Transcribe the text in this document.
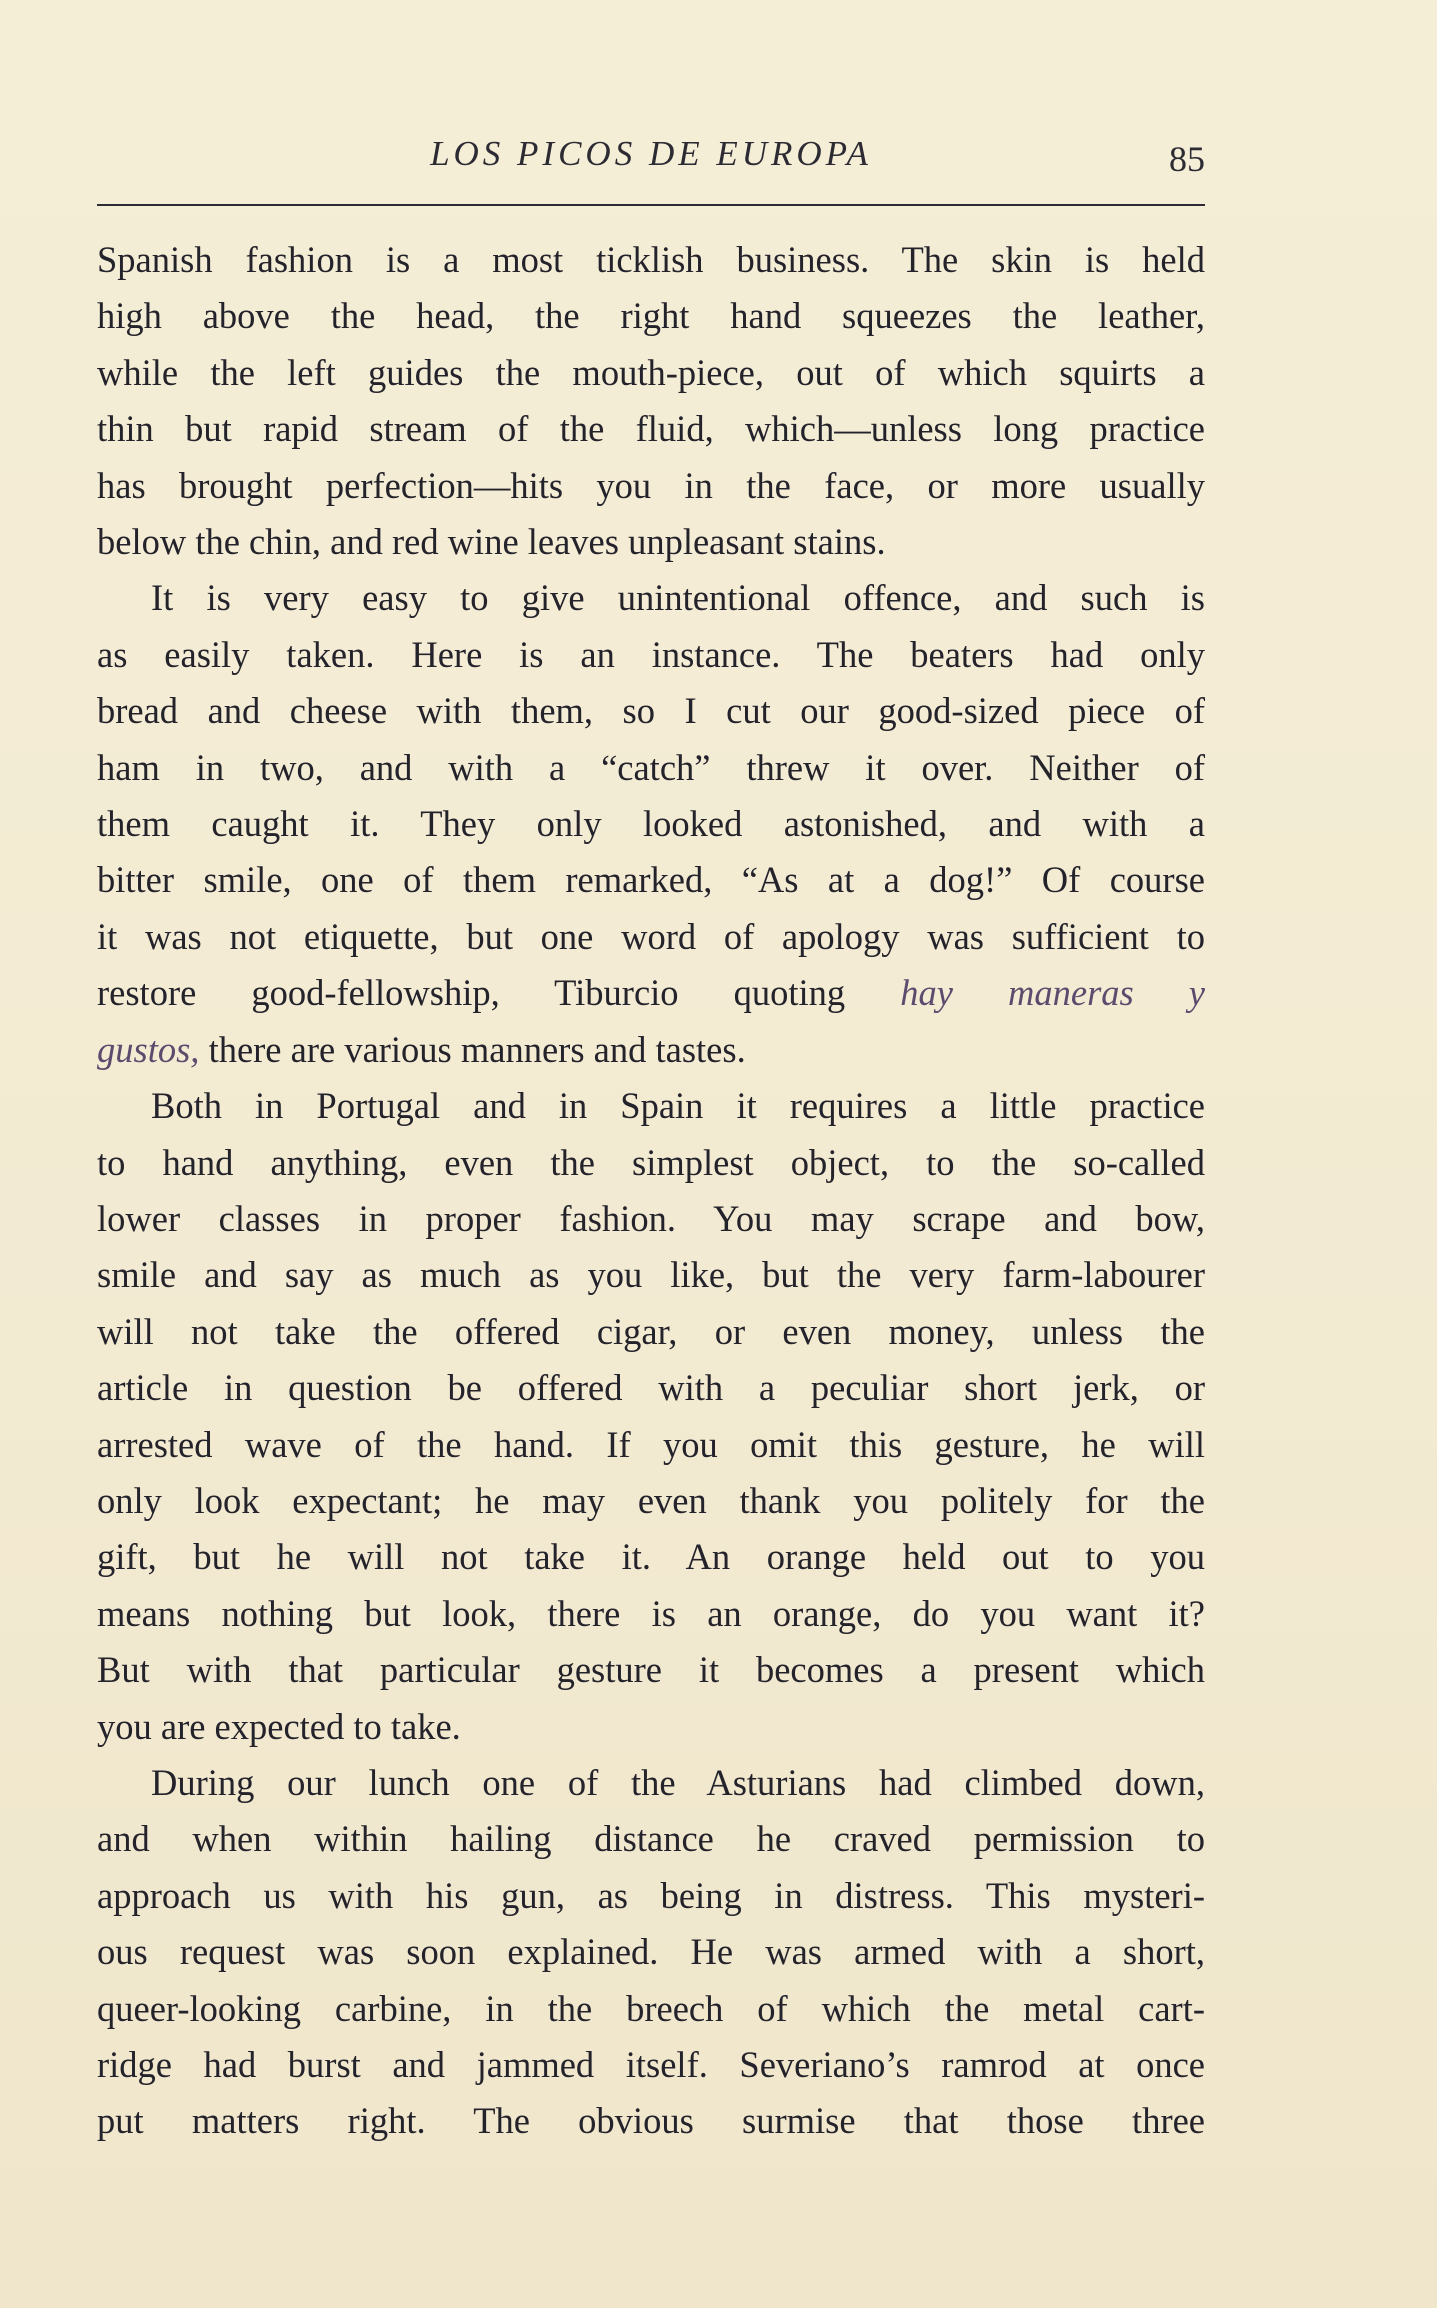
LOS PICOS DE EUROPA	85

Spanish fashion is a most ticklish business. The skin is held

high above the head, the right hand squeezes the leather,

while the left guides the mouth-piece, out of which squirts a

thin but rapid stream of the fluid, which—unless long practice

has brought perfection—hits you in the face, or more usually

below the chin, and red wine leaves unpleasant stains.

It is very easy to give unintentional offence, and such is

as easily taken. Here is an instance. The beaters had only

bread and cheese with them, so I cut our good-sized piece of

ham in two, and with a “catch” threw it over. Neither of

them caught it. They only looked astonished, and with a

bitter smile, one of them remarked, “As at a dog!” Of course

it was not etiquette, but one word of apology was sufficient to

restore good-fellowship, Tiburcio quoting hay maneras y

gustos, there are various manners and tastes.

Both in Portugal and in Spain it requires a little practice

to hand anything, even the simplest object, to the so-called

lower classes in proper fashion. You may scrape and bow,

smile and say as much as you like, but the very farm-labourer

will not take the offered cigar, or even money, unless the

article in question be offered with a peculiar short jerk, or

arrested wave of the hand. If you omit this gesture, he will

only look expectant; he may even thank you politely for the

gift, but he will not take it. An orange held out to you

means nothing but look, there is an orange, do you want it?

But with that particular gesture it becomes a present which

you are expected to take.

During our lunch one of the Asturians had climbed down,

and when within hailing distance he craved permission to

approach us with his gun, as being in distress. This mysteri-

ous request was soon explained. He was armed with a short,

queer-looking carbine, in the breech of which the metal cart-

ridge had burst and jammed itself. Severiano’s ramrod at once

put matters right. The obvious surmise that those three
